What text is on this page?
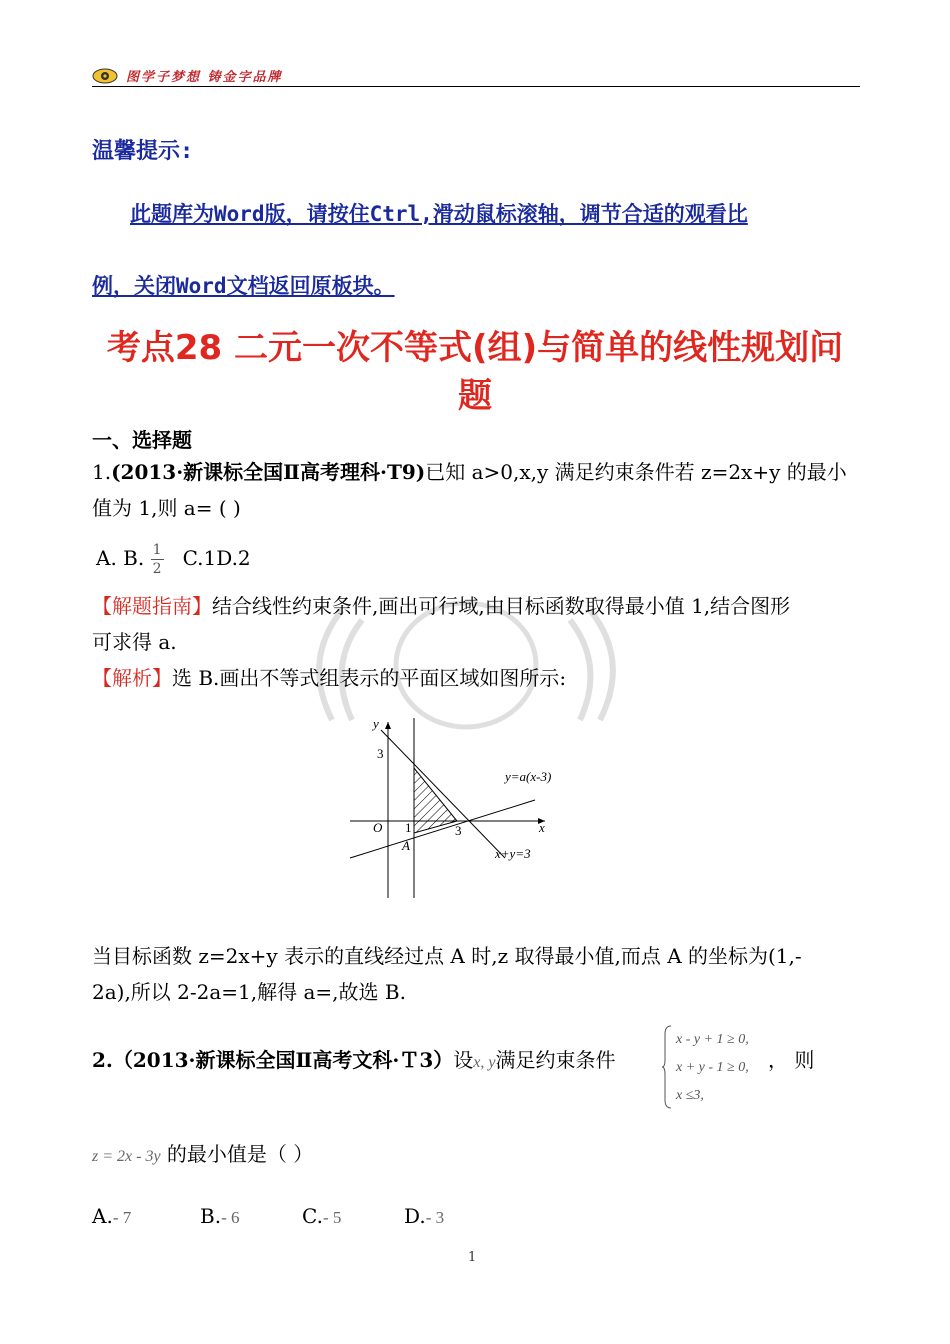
图学子梦想 铸金字品牌
温馨提示:
此题库为Word版，请按住Ctrl,滑动鼠标滚轴，调节合适的观看比
例，关闭Word文档返回原板块。
考点28 二元一次不等式(组)与简单的线性规划问
题
一、选择题
1.(2013·新课标全国Ⅱ高考理科·T9)已知 a>0,x,y 满足约束条件若 z=2x+y 的最小
值为 1,则 a= ( )
A. B. $\frac{1}{2} C.1D.2$
【解题指南】结合线性约束条件,画出可行域,由目标函数取得最小值 1,结合图形
可求得 a.
【解析】选 B.画出不等式组表示的平面区域如图所示:
y
x
O
3
1	3
A
y=a(x-3)
x+y=3
当目标函数 z=2x+y 表示的直线经过点 A 时,z 取得最小值,而点 A 的坐标为(1,-
2a),所以 2-2a=1,解得 a=,故选 B.
2.（2013·新课标全国Ⅱ高考文科·Ｔ3）设x, y满足约束条件
x - y + 1 ≥ 0,
x + y - 1 ≥ 0,
x ≤3,
， 则
z = 2x - 3y 的最小值是（ ）
A.- 7	B.- 6	C.- 5	D.- 3
1
